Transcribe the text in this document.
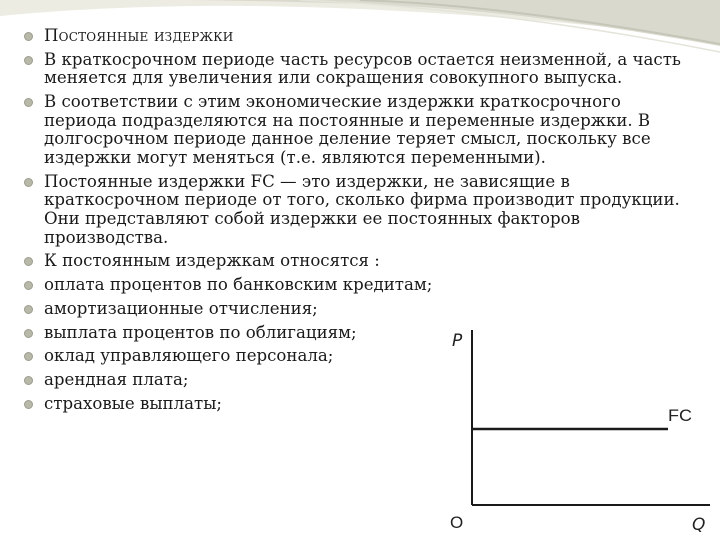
Постоянные издержки
В краткосрочном периоде часть ресурсов остается неизменной, а часть меняется для увеличения или сокращения совокупного выпуска.
В соответствии с этим экономические издержки краткосрочного периода подразделяются на постоянные и переменные издержки. В долгосрочном периоде данное деление теряет смысл, поскольку все издержки могут меняться (т.е. являются переменными).
Постоянные издержки FC — это издержки, не зависящие в краткосрочном периоде от того, сколько фирма производит продукции. Они представляют собой издержки ее постоянных факторов производства.
К постоянным издержкам относятся :
оплата процентов по банковским кредитам;
амортизационные отчисления;
выплата процентов по облигациям;
оклад управляющего персонала;
арендная плата;
страховые выплаты;
P
Q
O
FC
